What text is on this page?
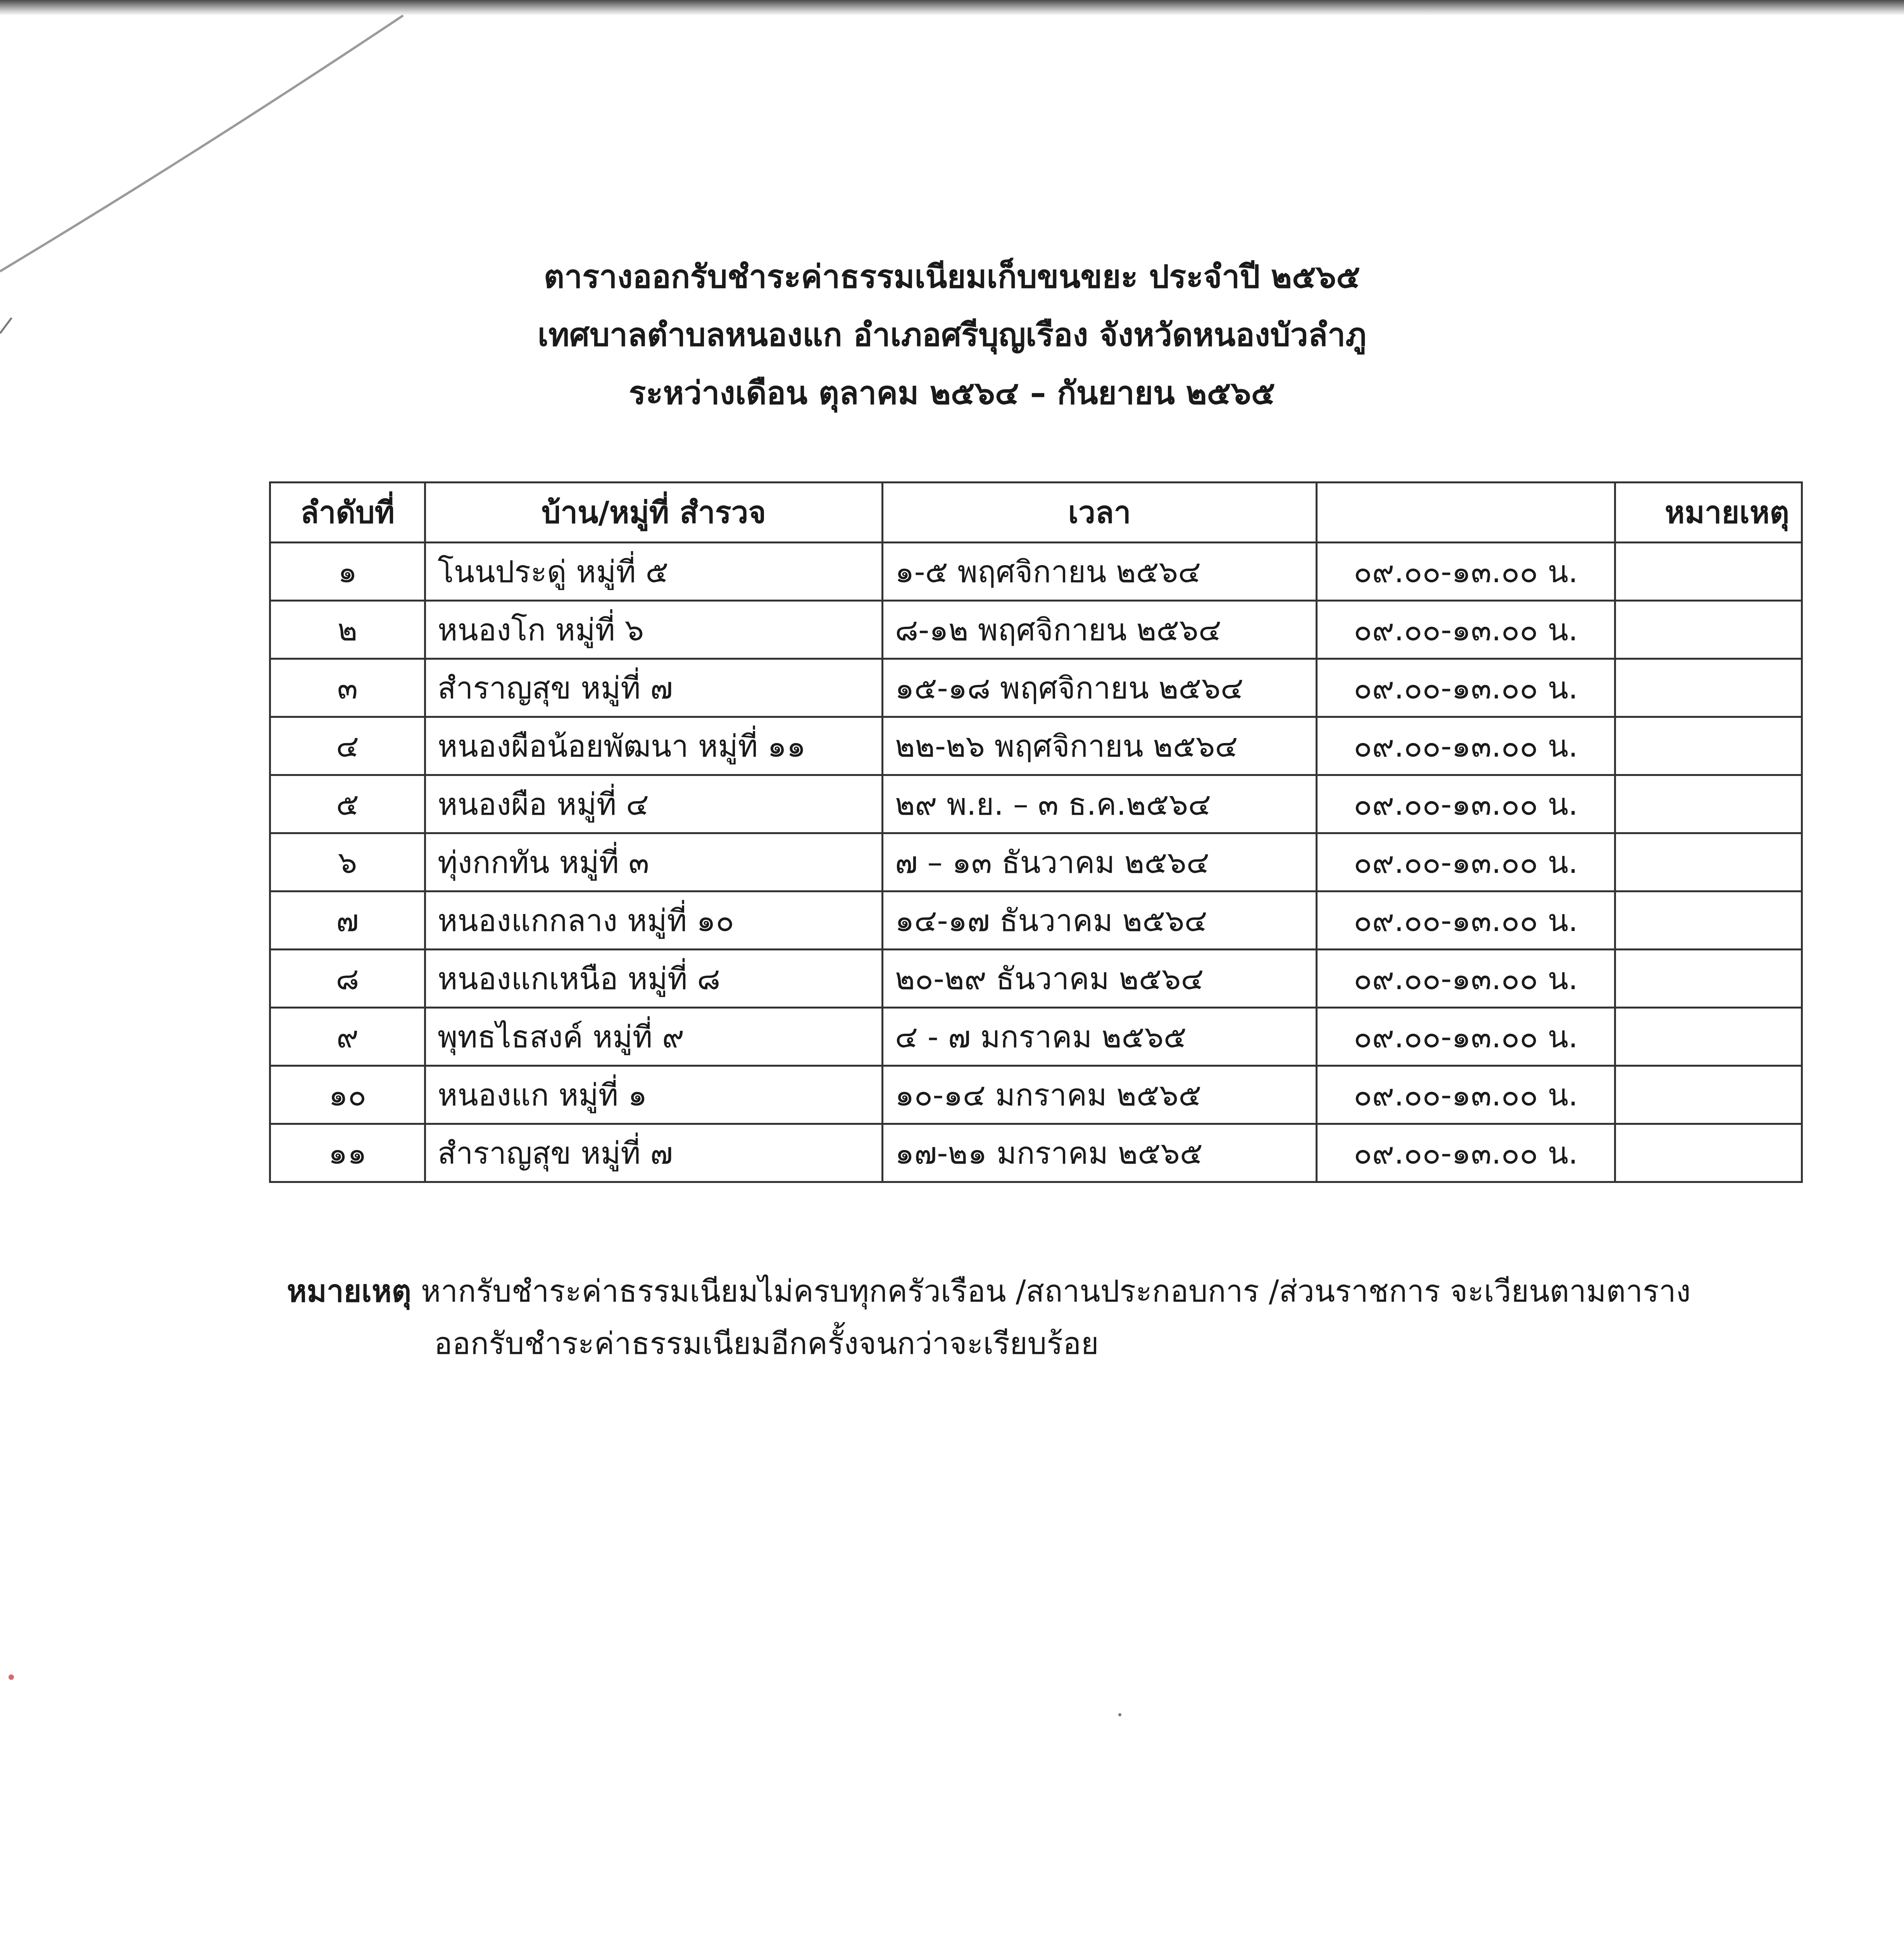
ตารางออกรับชำระค่าธรรมเนียมเก็บขนขยะ ประจำปี ๒๕๖๕
เทศบาลตำบลหนองแก อำเภอศรีบุญเรือง จังหวัดหนองบัวลำภู
ระหว่างเดือน ตุลาคม ๒๕๖๔ – กันยายน ๒๕๖๕
ลำดับที่	บ้าน/หมู่ที่ สำรวจ	เวลา		หมายเหตุ
๑	โนนประดู่ หมู่ที่ ๕	๑-๕ พฤศจิกายน ๒๕๖๔	๐๙.๐๐-๑๓.๐๐ น.	
๒	หนองโก หมู่ที่ ๖	๘-๑๒ พฤศจิกายน ๒๕๖๔	๐๙.๐๐-๑๓.๐๐ น.	
๓	สำราญสุข หมู่ที่ ๗	๑๕-๑๘ พฤศจิกายน ๒๕๖๔	๐๙.๐๐-๑๓.๐๐ น.	
๔	หนองผือน้อยพัฒนา หมู่ที่ ๑๑	๒๒-๒๖ พฤศจิกายน ๒๕๖๔	๐๙.๐๐-๑๓.๐๐ น.	
๕	หนองผือ หมู่ที่ ๔	๒๙ พ.ย. – ๓ ธ.ค.๒๕๖๔	๐๙.๐๐-๑๓.๐๐ น.	
๖	ทุ่งกกทัน หมู่ที่ ๓	๗ – ๑๓ ธันวาคม ๒๕๖๔	๐๙.๐๐-๑๓.๐๐ น.	
๗	หนองแกกลาง หมู่ที่ ๑๐	๑๔-๑๗ ธันวาคม ๒๕๖๔	๐๙.๐๐-๑๓.๐๐ น.	
๘	หนองแกเหนือ หมู่ที่ ๘	๒๐-๒๙ ธันวาคม ๒๕๖๔	๐๙.๐๐-๑๓.๐๐ น.	
๙	พุทธไธสงค์ หมู่ที่ ๙	๔ - ๗ มกราคม ๒๕๖๕	๐๙.๐๐-๑๓.๐๐ น.	
๑๐	หนองแก หมู่ที่ ๑	๑๐-๑๔ มกราคม ๒๕๖๕	๐๙.๐๐-๑๓.๐๐ น.	
๑๑	สำราญสุข หมู่ที่ ๗	๑๗-๒๑ มกราคม ๒๕๖๕	๐๙.๐๐-๑๓.๐๐ น.	
หมายเหตุ หากรับชำระค่าธรรมเนียมไม่ครบทุกครัวเรือน /สถานประกอบการ /ส่วนราชการ จะเวียนตามตาราง
ออกรับชำระค่าธรรมเนียมอีกครั้งจนกว่าจะเรียบร้อย
